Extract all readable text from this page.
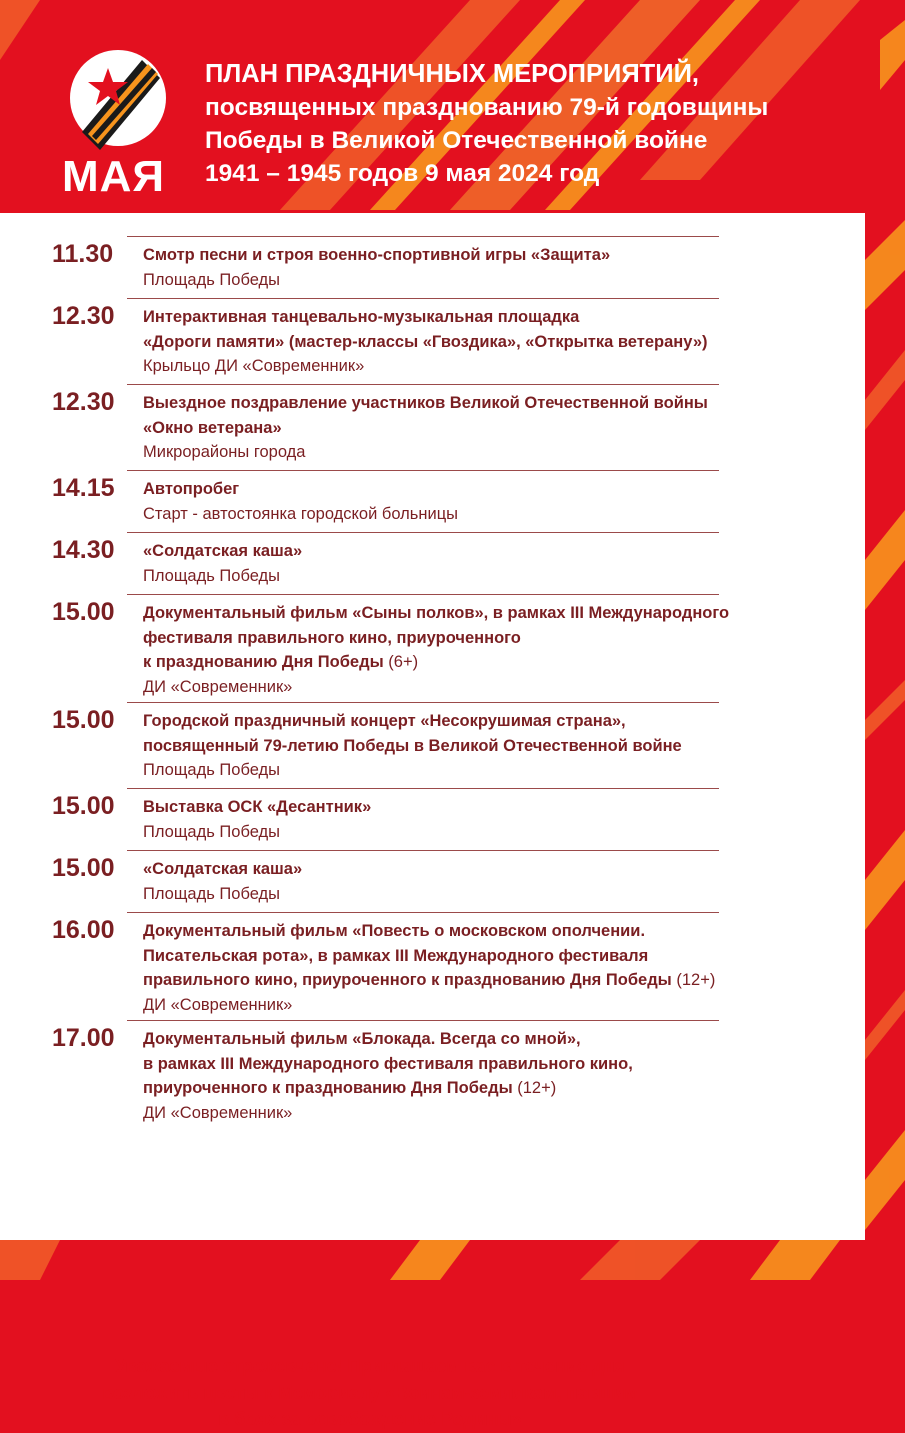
МАЯ
ПЛАН ПРАЗДНИЧНЫХ МЕРОПРИЯТИЙ,
посвященных празднованию 79-й годовщины
Победы в Великой Отечественной войне
1941 – 1945 годов 9 мая 2024 год
11.30 Смотр песни и строя военно-спортивной игры «Защита»
Площадь Победы
12.30 Интерактивная танцевально-музыкальная площадка
«Дороги памяти» (мастер-классы «Гвоздика», «Открытка ветерану»)
Крыльцо ДИ «Современник»
12.30 Выездное поздравление участников Великой Отечественной войны
«Окно ветерана»
Микрорайоны города
14.15 Автопробег
Старт - автостоянка городской больницы
14.30 «Солдатская каша»
Площадь Победы
15.00 Документальный фильм «Сыны полков», в рамках III Международного
фестиваля правильного кино, приуроченного
к празднованию Дня Победы (6+)
ДИ «Современник»
15.00 Городской праздничный концерт «Несокрушимая страна»,
посвященный 79-летию Победы в Великой Отечественной войне
Площадь Победы
15.00 Выставка ОСК «Десантник»
Площадь Победы
15.00 «Солдатская каша»
Площадь Победы
16.00 Документальный фильм «Повесть о московском ополчении.
Писательская рота», в рамках III Международного фестиваля
правильного кино, приуроченного к празднованию Дня Победы (12+)
ДИ «Современник»
17.00 Документальный фильм «Блокада. Всегда со мной»,
в рамках III Международного фестиваля правильного кино,
приуроченного к празднованию Дня Победы (12+)
ДИ «Современник»
Уважаемые стрежевчане! Приглашаем вас в течение дня
возложить цветы к Мемориалу «Воинам-землякам, павшим
в боях за освобождение Родины»
